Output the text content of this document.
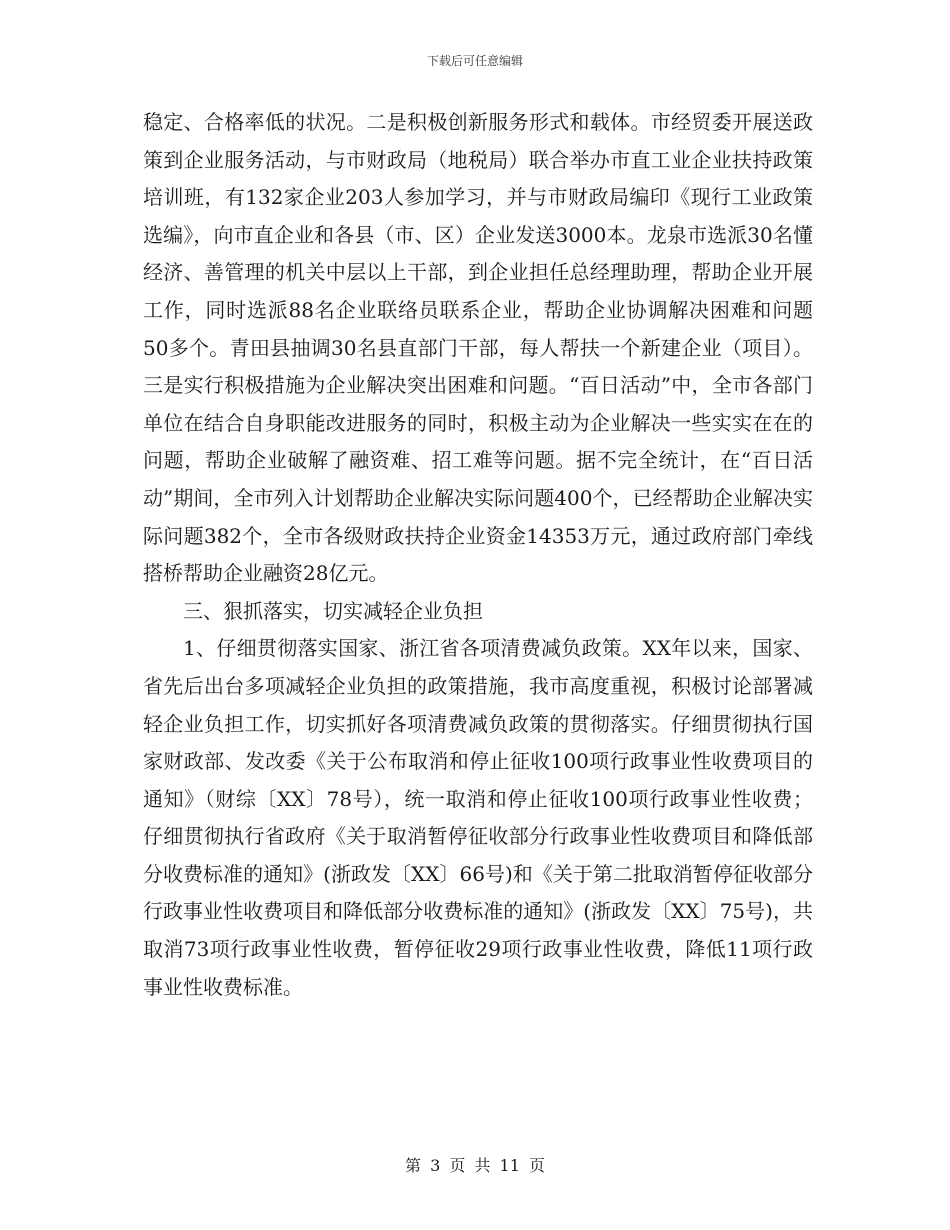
下载后可任意编辑

稳定、合格率低的状况。二是积极创新服务形式和载体。市经贸委开展送政策到企业服务活动，与市财政局（地税局）联合举办市直工业企业扶持政策培训班，有132家企业203人参加学习，并与市财政局编印《现行工业政策选编》，向市直企业和各县（市、区）企业发送3000本。龙泉市选派30名懂经济、善管理的机关中层以上干部，到企业担任总经理助理，帮助企业开展工作，同时选派88名企业联络员联系企业，帮助企业协调解决困难和问题50多个。青田县抽调30名县直部门干部，每人帮扶一个新建企业（项目）。三是实行积极措施为企业解决突出困难和问题。“百日活动”中，全市各部门单位在结合自身职能改进服务的同时，积极主动为企业解决一些实实在在的问题，帮助企业破解了融资难、招工难等问题。据不完全统计，在“百日活动”期间，全市列入计划帮助企业解决实际问题400个，已经帮助企业解决实际问题382个，全市各级财政扶持企业资金14353万元，通过政府部门牵线搭桥帮助企业融资28亿元。

三、狠抓落实，切实减轻企业负担

1、仔细贯彻落实国家、浙江省各项清费减负政策。XX年以来，国家、省先后出台多项减轻企业负担的政策措施，我市高度重视，积极讨论部署减轻企业负担工作，切实抓好各项清费减负政策的贯彻落实。仔细贯彻执行国家财政部、发改委《关于公布取消和停止征收100项行政事业性收费项目的通知》（财综〔XX〕78号），统一取消和停止征收100项行政事业性收费；仔细贯彻执行省政府《关于取消暂停征收部分行政事业性收费项目和降低部分收费标准的通知》(浙政发〔XX〕66号)和《关于第二批取消暂停征收部分行政事业性收费项目和降低部分收费标准的通知》(浙政发〔XX〕75号)，共取消73项行政事业性收费，暂停征收29项行政事业性收费，降低11项行政事业性收费标准。

第 3 页 共 11 页
